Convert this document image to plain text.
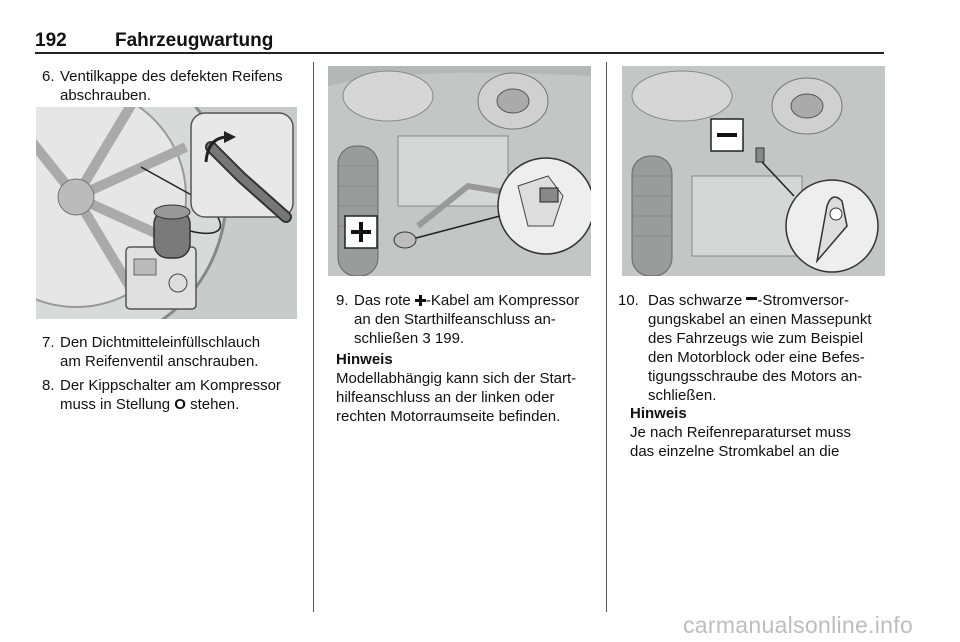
192	Fahrzeugwartung
6. Ventilkappe des defekten Reifens
abschrauben.
7. Den Dichtmitteleinfüllschlauch
am Reifenventil anschrauben.
8. Der Kippschalter am Kompressor
muss in Stellung O stehen.
9. Das rote
-Kabel am Kompressor
an den Starthilfeanschluss an-
schließen 3 199.
Hinweis
Modellabhängig kann sich der Start-
hilfeanschluss an der linken oder
rechten Motorraumseite befinden.
10. Das schwarze -Stromversor-
gungskabel an einen Massepunkt
des Fahrzeugs wie zum Beispiel
den Motorblock oder eine Befes-
tigungsschraube des Motors an-
schließen.
Hinweis
Je nach Reifenreparaturset muss
das einzelne Stromkabel an die
carmanualsonline.info
